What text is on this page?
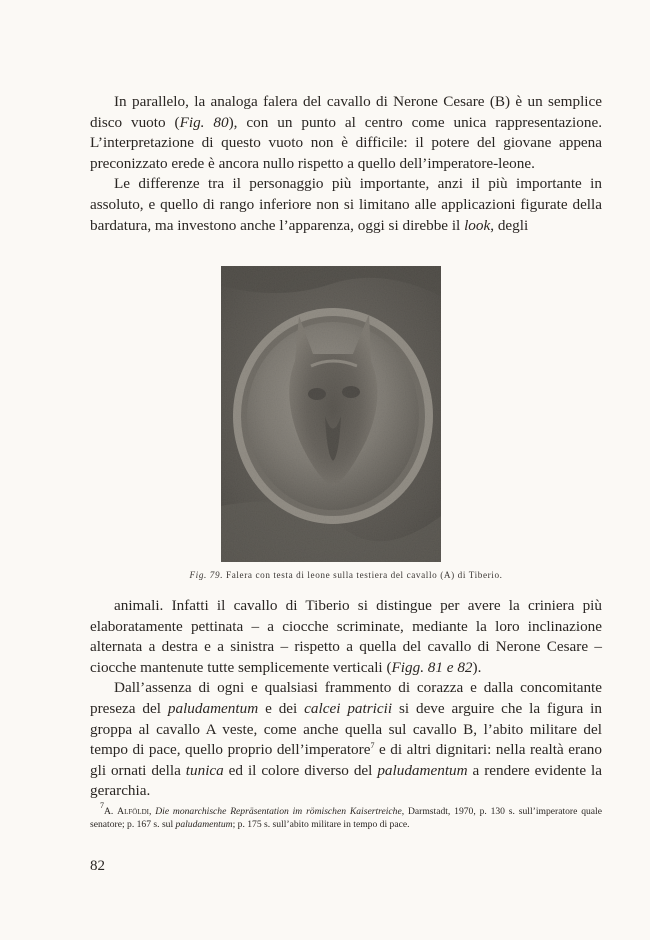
In parallelo, la analoga falera del cavallo di Nerone Cesare (B) è un semplice disco vuoto (Fig. 80), con un punto al centro come unica rappresentazione. L’interpretazione di questo vuoto non è difficile: il potere del giovane appena preconizzato erede è ancora nullo rispetto a quello dell’imperatore-leone.

Le differenze tra il personaggio più importante, anzi il più importante in assoluto, e quello di rango inferiore non si limitano alle applicazioni figurate della bardatura, ma investono anche l’apparenza, oggi si direbbe il look, degli

Fig. 79. Falera con testa di leone sulla testiera del cavallo (A) di Tiberio.

animali. Infatti il cavallo di Tiberio si distingue per avere la criniera più elaboratamente pettinata – a ciocche scriminate, mediante la loro inclinazione alternata a destra e a sinistra – rispetto a quella del cavallo di Nerone Cesare – ciocche mantenute tutte semplicemente verticali (Figg. 81 e 82).

Dall’assenza di ogni e qualsiasi frammento di corazza e dalla concomitante preseza del paludamentum e dei calcei patricii si deve arguire che la figura in groppa al cavallo A veste, come anche quella sul cavallo B, l’abito militare del tempo di pace, quello proprio dell’imperatore$^7$ e di altri dignitari: nella realtà erano gli ornati della tunica ed il colore diverso del paludamentum a rendere evidente la gerarchia.

$^7$A. Alföldi, Die monarchische Repräsentation im römischen Kaisertreiche, Darmstadt, 1970, p. 130 s. sull’imperatore quale senatore; p. 167 s. sul paludamentum; p. 175 s. sull’abito militare in tempo di pace.

82
